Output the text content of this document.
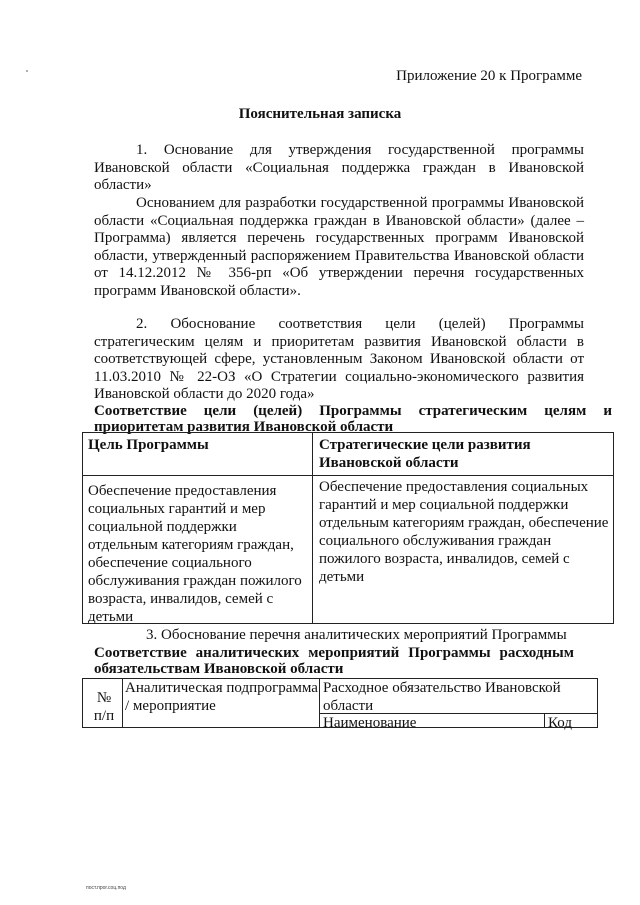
Приложение 20 к Программе
Пояснительная записка
1. Основание для утверждения государственной программы Ивановской области «Социальная поддержка граждан в Ивановской области»
Основанием для разработки государственной программы Ивановской области «Социальная поддержка граждан в Ивановской области» (далее – Программа) является перечень государственных программ Ивановской области, утвержденный распоряжением Правительства Ивановской области от 14.12.2012 № 356-рп «Об утверждении перечня государственных программ Ивановской области».
2. Обоснование соответствия цели (целей) Программы стратегическим целям и приоритетам развития Ивановской области в соответствующей сфере, установленным Законом Ивановской области от 11.03.2010 № 22-ОЗ «О Стратегии социально-экономического развития Ивановской области до 2020 года»
Соответствие цели (целей) Программы стратегическим целям и приоритетам развития Ивановской области
Цель Программы	Стратегические цели развития Ивановской области
Обеспечение предоставления социальных гарантий и мер социальной поддержки отдельным категориям граждан, обеспечение социального обслуживания граждан пожилого возраста, инвалидов, семей с детьми
Обеспечение предоставления социальных гарантий и мер социальной поддержки отдельным категориям граждан, обеспечение социального обслуживания граждан пожилого возраста, инвалидов, семей с детьми
3. Обоснование перечня аналитических мероприятий Программы
Соответствие аналитических мероприятий Программы расходным обязательствам Ивановской области
№ п/п
Аналитическая подпрограмма / мероприятие
Расходное обязательство Ивановской области
Наименование	Код
пост.прог.соц.под
